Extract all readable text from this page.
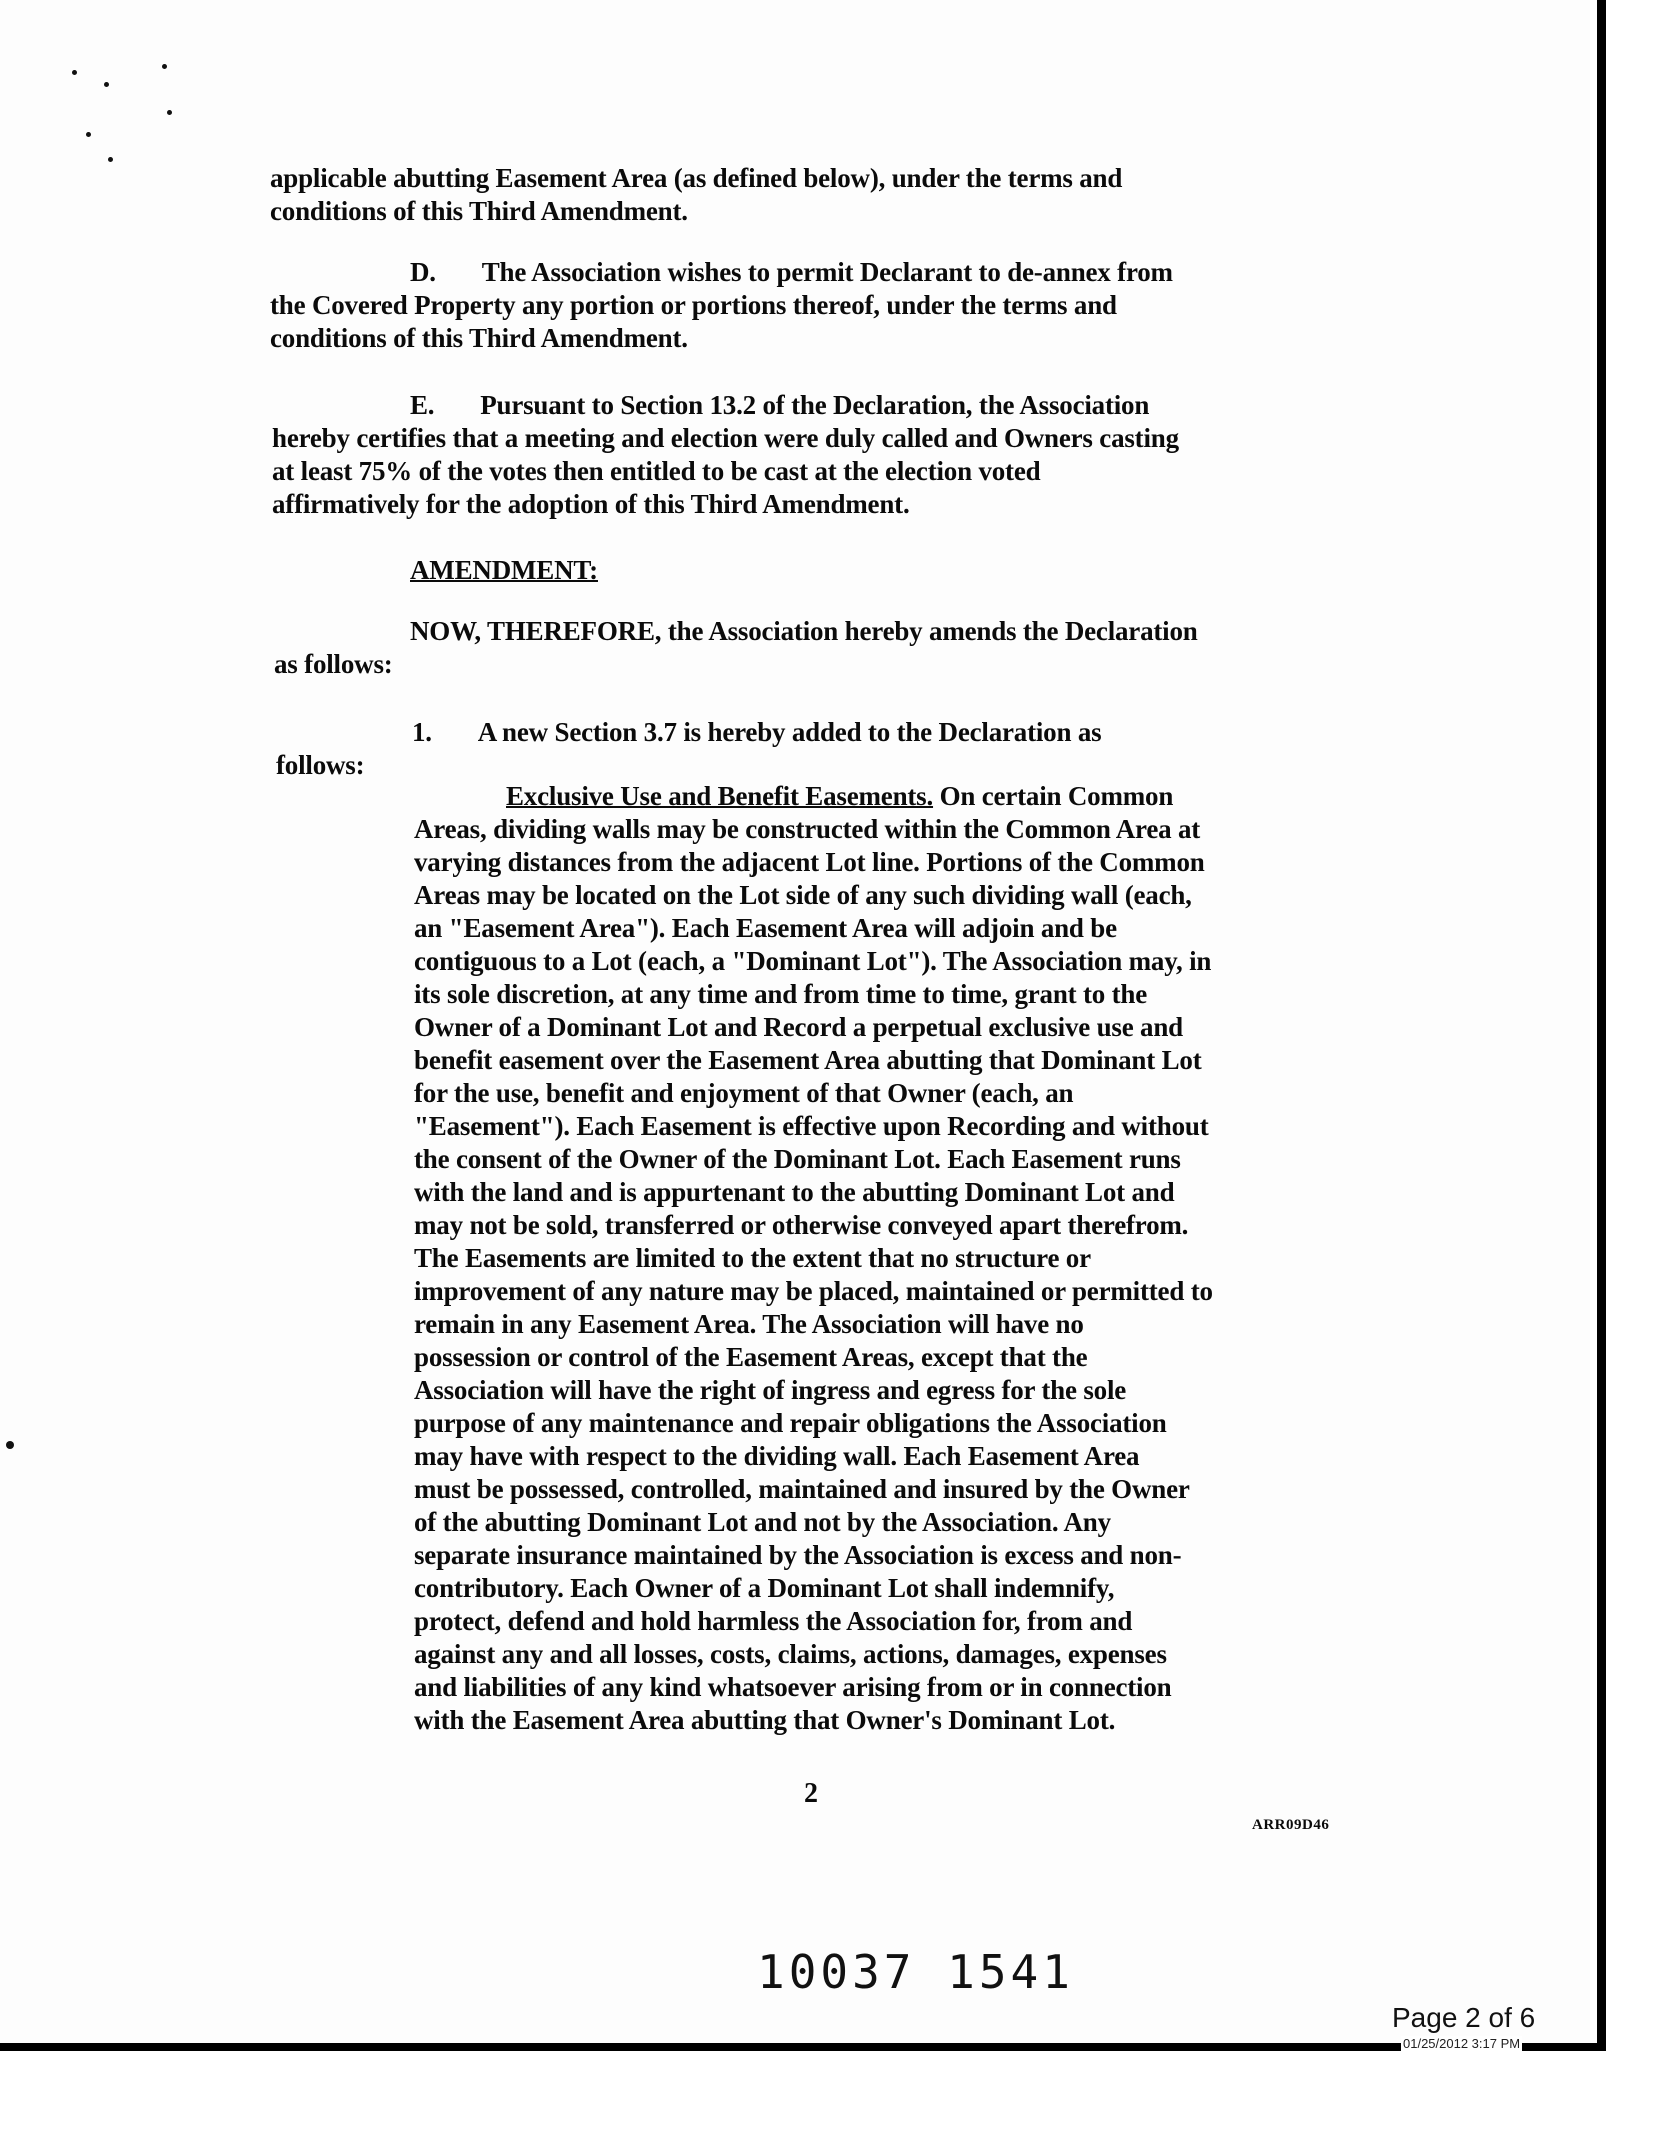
applicable abutting Easement Area (as defined below), under the terms and
conditions of this Third Amendment.

D.       The Association wishes to permit Declarant to de-annex from
the Covered Property any portion or portions thereof, under the terms and
conditions of this Third Amendment.

E.       Pursuant to Section 13.2 of the Declaration, the Association
hereby certifies that a meeting and election were duly called and Owners casting
at least 75% of the votes then entitled to be cast at the election voted
affirmatively for the adoption of this Third Amendment.

AMENDMENT:

NOW, THEREFORE, the Association hereby amends the Declaration
as follows:

1.       A new Section 3.7 is hereby added to the Declaration as
follows:

Exclusive Use and Benefit Easements. On certain Common
Areas, dividing walls may be constructed within the Common Area at
varying distances from the adjacent Lot line. Portions of the Common
Areas may be located on the Lot side of any such dividing wall (each,
an "Easement Area"). Each Easement Area will adjoin and be
contiguous to a Lot (each, a "Dominant Lot"). The Association may, in
its sole discretion, at any time and from time to time, grant to the
Owner of a Dominant Lot and Record a perpetual exclusive use and
benefit easement over the Easement Area abutting that Dominant Lot
for the use, benefit and enjoyment of that Owner (each, an
"Easement"). Each Easement is effective upon Recording and without
the consent of the Owner of the Dominant Lot. Each Easement runs
with the land and is appurtenant to the abutting Dominant Lot and
may not be sold, transferred or otherwise conveyed apart therefrom.
The Easements are limited to the extent that no structure or
improvement of any nature may be placed, maintained or permitted to
remain in any Easement Area. The Association will have no
possession or control of the Easement Areas, except that the
Association will have the right of ingress and egress for the sole
purpose of any maintenance and repair obligations the Association
may have with respect to the dividing wall. Each Easement Area
must be possessed, controlled, maintained and insured by the Owner
of the abutting Dominant Lot and not by the Association. Any
separate insurance maintained by the Association is excess and non-
contributory. Each Owner of a Dominant Lot shall indemnify,
protect, defend and hold harmless the Association for, from and
against any and all losses, costs, claims, actions, damages, expenses
and liabilities of any kind whatsoever arising from or in connection
with the Easement Area abutting that Owner's Dominant Lot.

2
ARR09D46
10037 1541
Page 2 of 6
01/25/2012 3:17 PM
